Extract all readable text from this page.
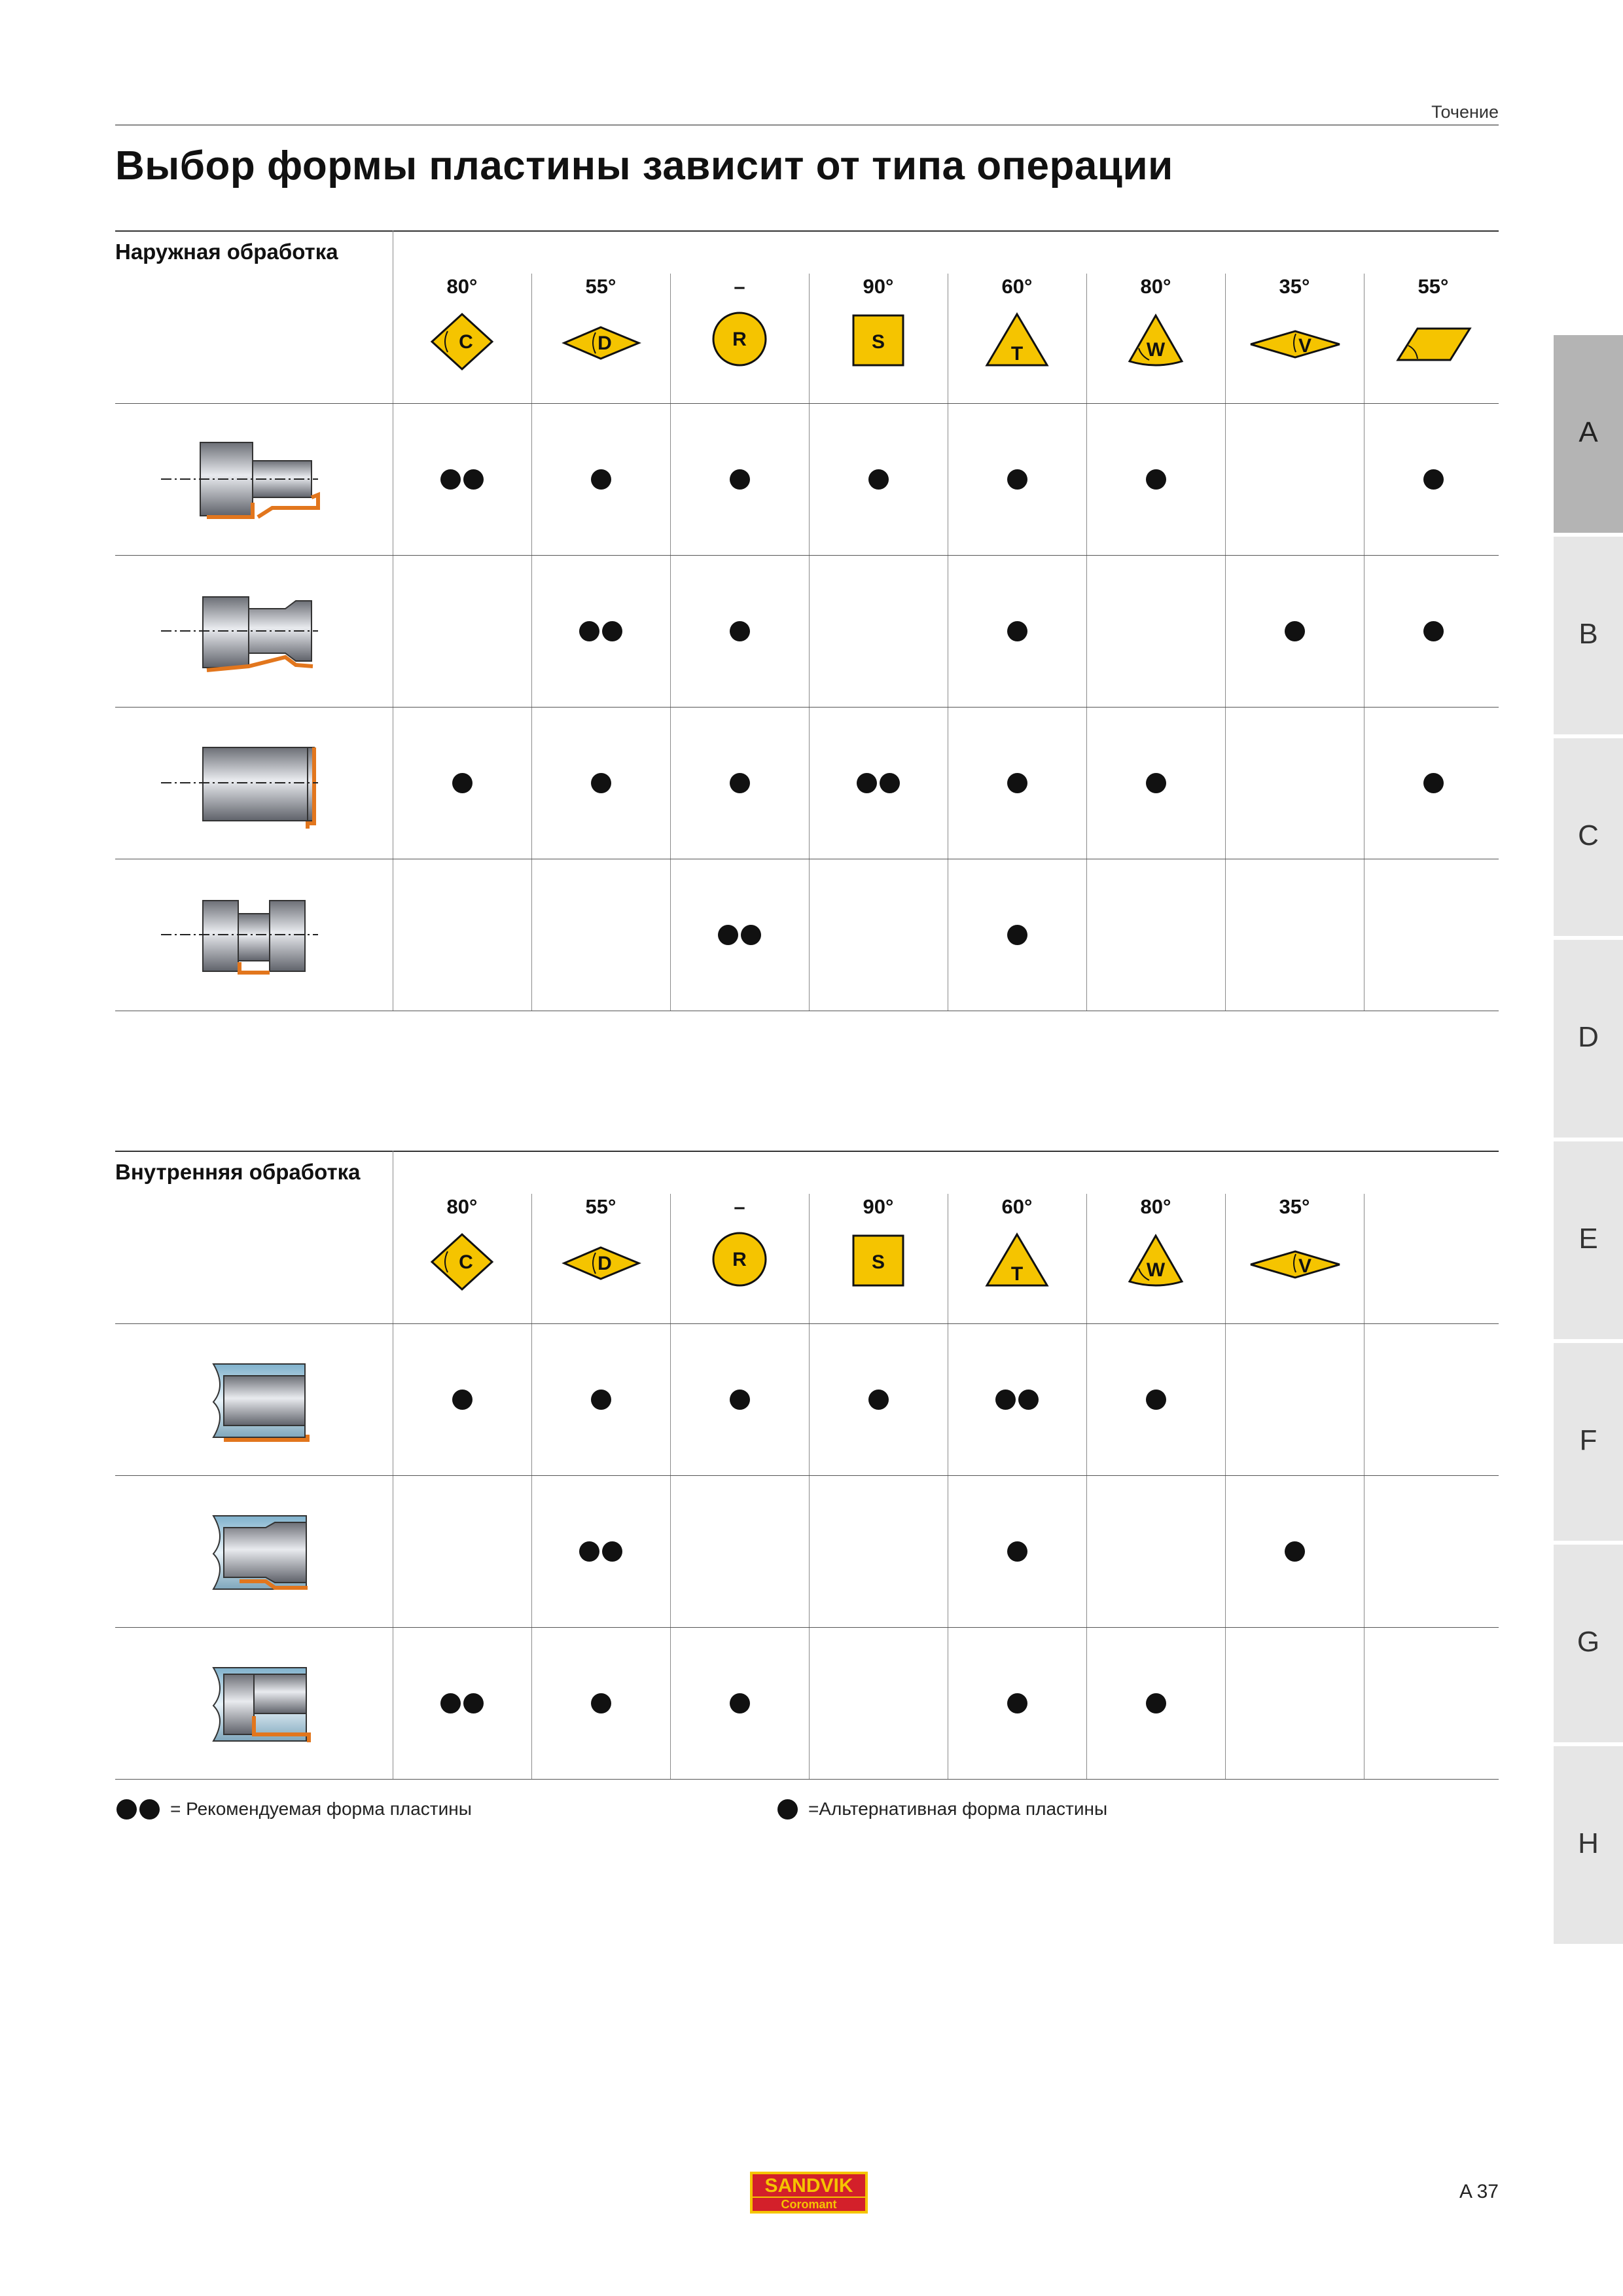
Точение
Выбор формы пластины зависит от типа операции
Наружная обработка
80°
C
55°
D
–
R
90°
S
60°
T
80°
W
35°
V
55°
Внутренняя обработка
80°
C
55°
D
–
R
90°
S
60°
T
80°
W
35°
V
= Рекомендуемая форма пластины	=Альтернативная форма пластины
A
B
C
D
E
F
G
H
SANDVIK
Coromant
A 37
